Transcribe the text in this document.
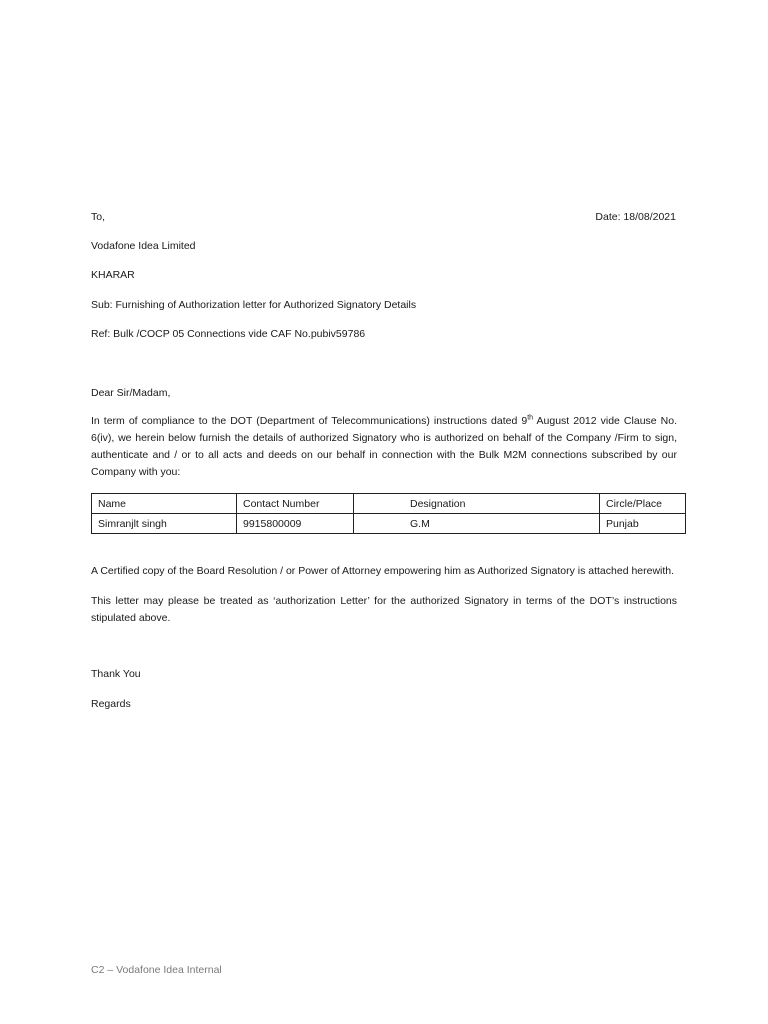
To,	Date: 18/08/2021
Vodafone Idea Limited
KHARAR
Sub: Furnishing of Authorization letter for Authorized Signatory Details
Ref: Bulk /COCP 05 Connections vide CAF No.pubiv59786
Dear Sir/Madam,
In term of compliance to the DOT (Department of Telecommunications) instructions dated 9th August 2012 vide Clause No. 6(iv), we herein below furnish the details of authorized Signatory who is authorized on behalf of the Company /Firm to sign, authenticate and / or to all acts and deeds on our behalf in connection with the Bulk M2M connections subscribed by our Company with you:
Name	Contact Number	Designation	Circle/Place
Simranjlt singh	9915800009	G.M	Punjab
A Certified copy of the Board Resolution / or Power of Attorney empowering him as Authorized Signatory is attached herewith.
This letter may please be treated as ‘authorization Letter’ for the authorized Signatory in terms of the DOT’s instructions stipulated above.
Thank You
Regards
C2 – Vodafone Idea Internal
